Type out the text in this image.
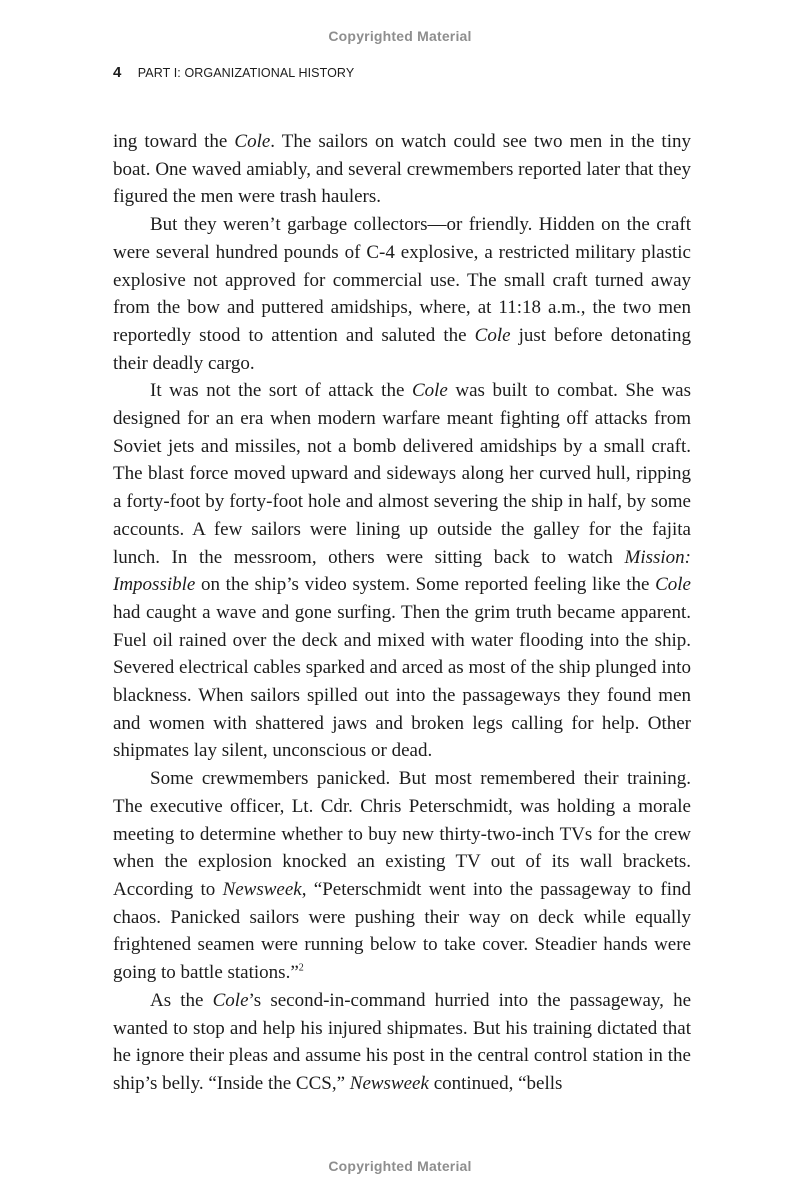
Copyrighted Material
4 PART I: ORGANIZATIONAL HISTORY

ing toward the Cole. The sailors on watch could see two men in the tiny boat. One waved amiably, and several crewmembers reported later that they figured the men were trash haulers.

But they weren’t garbage collectors—or friendly. Hidden on the craft were several hundred pounds of C-4 explosive, a restricted military plastic explosive not approved for commercial use. The small craft turned away from the bow and puttered amidships, where, at 11:18 a.m., the two men reportedly stood to attention and saluted the Cole just before detonating their deadly cargo.

It was not the sort of attack the Cole was built to combat. She was designed for an era when modern warfare meant fighting off attacks from Soviet jets and missiles, not a bomb delivered amidships by a small craft. The blast force moved upward and sideways along her curved hull, ripping a forty-foot by forty-foot hole and almost severing the ship in half, by some accounts. A few sailors were lining up outside the galley for the fajita lunch. In the messroom, others were sitting back to watch Mission: Impossible on the ship’s video system. Some reported feeling like the Cole had caught a wave and gone surfing. Then the grim truth became apparent. Fuel oil rained over the deck and mixed with water flooding into the ship. Severed electrical cables sparked and arced as most of the ship plunged into blackness. When sailors spilled out into the passageways they found men and women with shattered jaws and broken legs calling for help. Other shipmates lay silent, unconscious or dead.

Some crewmembers panicked. But most remembered their training. The executive officer, Lt. Cdr. Chris Peterschmidt, was holding a morale meeting to determine whether to buy new thirty-two-inch TVs for the crew when the explosion knocked an existing TV out of its wall brackets. According to Newsweek, “Peterschmidt went into the passageway to find chaos. Panicked sailors were pushing their way on deck while equally frightened seamen were running below to take cover. Steadier hands were going to battle stations.”$^2$

As the Cole’s second-in-command hurried into the passageway, he wanted to stop and help his injured shipmates. But his training dictated that he ignore their pleas and assume his post in the central control station in the ship’s belly. “Inside the CCS,” Newsweek continued, “bells

Copyrighted Material
